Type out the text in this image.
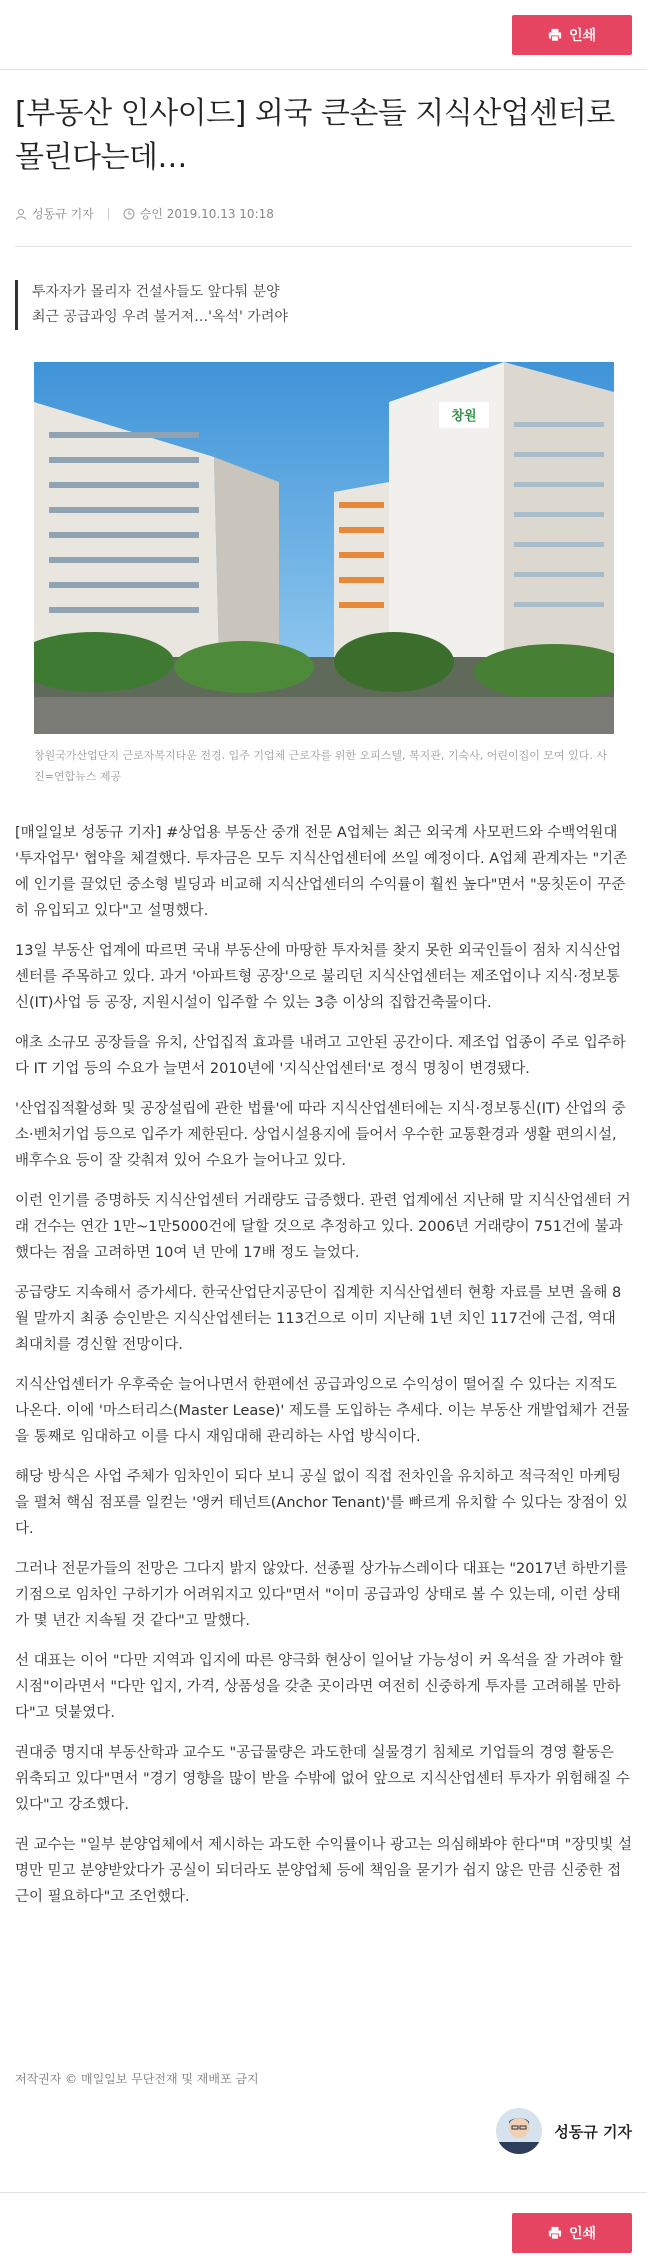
인쇄
[부동산 인사이드] 외국 큰손들 지식산업센터로 몰린다는데…
성동규 기자	승인 2019.10.13 10:18
투자자가 몰리자 건설사들도 앞다퉈 분양
최근 공급과잉 우려 불거져…'옥석' 가려야
창원
창원국가산업단지 근로자복지타운 전경. 입주 기업체 근로자를 위한 오피스텔, 복지관, 기숙사, 어린이집이 모여 있다. 사진=연합뉴스 제공

[매일일보 성동규 기자] #상업용 부동산 중개 전문 A업체는 최근 외국계 사모펀드와 수백억원대 '투자업무' 협약을 체결했다. 투자금은 모두 지식산업센터에 쓰일 예정이다. A업체 관계자는 "기존에 인기를 끌었던 중소형 빌딩과 비교해 지식산업센터의 수익률이 훨씬 높다"면서 "뭉칫돈이 꾸준히 유입되고 있다"고 설명했다.

13일 부동산 업계에 따르면 국내 부동산에 마땅한 투자처를 찾지 못한 외국인들이 점차 지식산업센터를 주목하고 있다. 과거 '아파트형 공장'으로 불리던 지식산업센터는 제조업이나 지식·정보통신(IT)사업 등 공장, 지원시설이 입주할 수 있는 3층 이상의 집합건축물이다.

애초 소규모 공장들을 유치, 산업집적 효과를 내려고 고안된 공간이다. 제조업 업종이 주로 입주하다 IT 기업 등의 수요가 늘면서 2010년에 '지식산업센터'로 정식 명칭이 변경됐다.

'산업집적활성화 및 공장설립에 관한 법률'에 따라 지식산업센터에는 지식·정보통신(IT) 산업의 중소·벤처기업 등으로 입주가 제한된다. 상업시설용지에 들어서 우수한 교통환경과 생활 편의시설, 배후수요 등이 잘 갖춰져 있어 수요가 늘어나고 있다.

이런 인기를 증명하듯 지식산업센터 거래량도 급증했다. 관련 업계에선 지난해 말 지식산업센터 거래 건수는 연간 1만~1만5000건에 달할 것으로 추정하고 있다. 2006년 거래량이 751건에 불과했다는 점을 고려하면 10여 년 만에 17배 정도 늘었다.

공급량도 지속해서 증가세다. 한국산업단지공단이 집계한 지식산업센터 현황 자료를 보면 올해 8월 말까지 최종 승인받은 지식산업센터는 113건으로 이미 지난해 1년 치인 117건에 근접, 역대 최대치를 경신할 전망이다.

지식산업센터가 우후죽순 늘어나면서 한편에선 공급과잉으로 수익성이 떨어질 수 있다는 지적도 나온다. 이에 '마스터리스(Master Lease)' 제도를 도입하는 추세다. 이는 부동산 개발업체가 건물을 통째로 임대하고 이를 다시 재임대해 관리하는 사업 방식이다.

해당 방식은 사업 주체가 임차인이 되다 보니 공실 없이 직접 전차인을 유치하고 적극적인 마케팅을 펼쳐 핵심 점포를 일컫는 '앵커 테넌트(Anchor Tenant)'를 빠르게 유치할 수 있다는 장점이 있다.

그러나 전문가들의 전망은 그다지 밝지 않았다. 선종필 상가뉴스레이다 대표는 "2017년 하반기를 기점으로 임차인 구하기가 어려워지고 있다"면서 "이미 공급과잉 상태로 볼 수 있는데, 이런 상태가 몇 년간 지속될 것 같다"고 말했다.

선 대표는 이어 "다만 지역과 입지에 따른 양극화 현상이 일어날 가능성이 커 옥석을 잘 가려야 할 시점"이라면서 "다만 입지, 가격, 상품성을 갖춘 곳이라면 여전히 신중하게 투자를 고려해볼 만하다"고 덧붙였다.

권대중 명지대 부동산학과 교수도 "공급물량은 과도한데 실물경기 침체로 기업들의 경영 활동은 위축되고 있다"면서 "경기 영향을 많이 받을 수밖에 없어 앞으로 지식산업센터 투자가 위험해질 수 있다"고 강조했다.

권 교수는 "일부 분양업체에서 제시하는 과도한 수익률이나 광고는 의심해봐야 한다"며 "장밋빛 설명만 믿고 분양받았다가 공실이 되더라도 분양업체 등에 책임을 묻기가 쉽지 않은 만큼 신중한 접근이 필요하다"고 조언했다.

저작권자 © 매일일보 무단전재 및 재배포 금지
성동규 기자
인쇄
